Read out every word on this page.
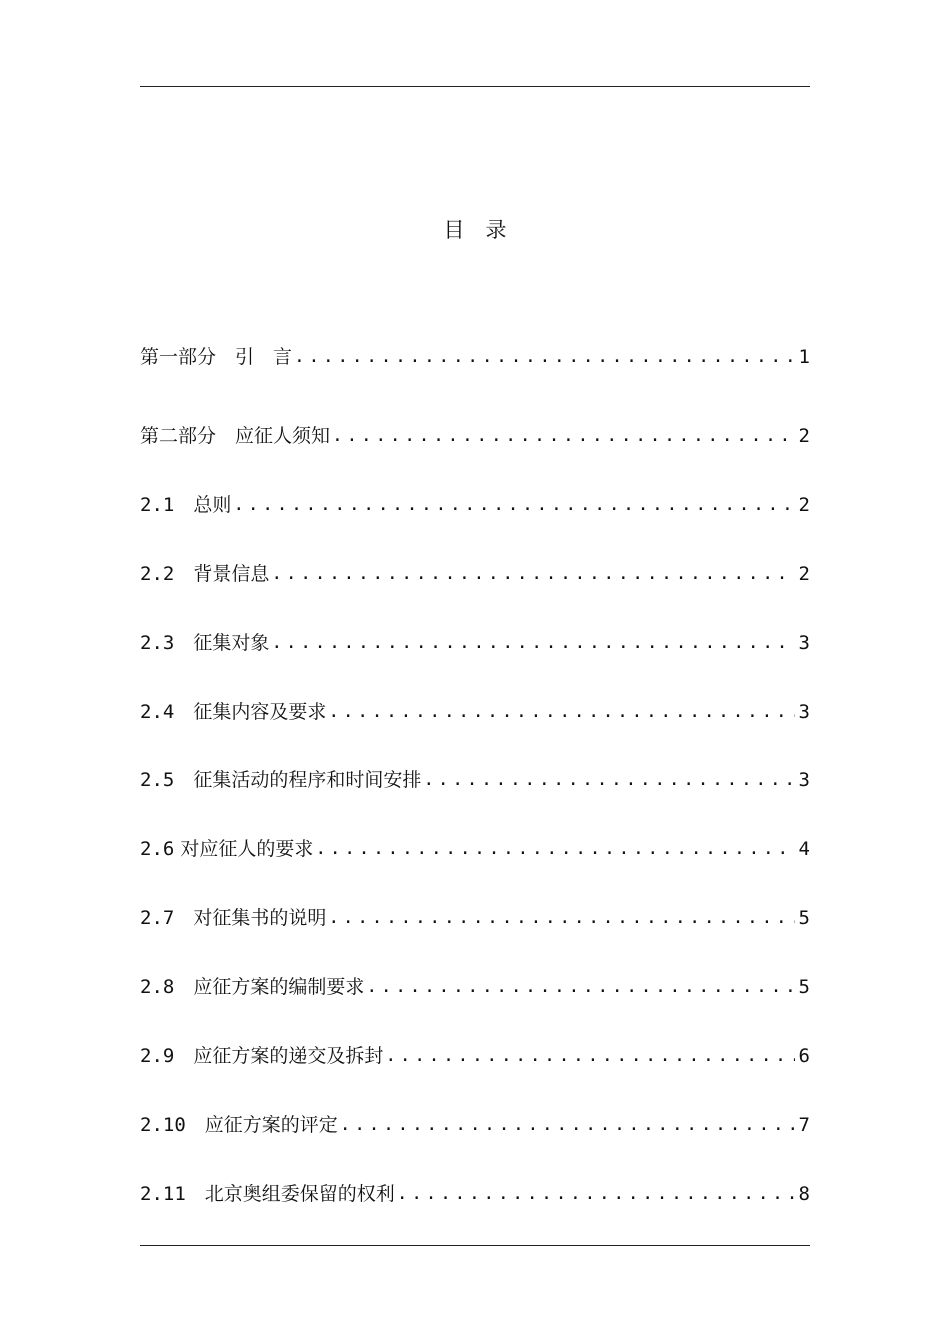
目　录
第一部分　引　言 .....	1
第二部分　应征人须知 .....	2
2.1 　总则 .....	2
2.2 　背景信息 .....	2
2.3 　征集对象 .....	3
2.4 　征集内容及要求 .....	3
2.5 　征集活动的程序和时间安排 .....	3
2.6 对应征人的要求 .....	4
2.7 　对征集书的说明 .....	5
2.8 　应征方案的编制要求 .....	5
2.9 　应征方案的递交及拆封 .....	6
2.10 　应征方案的评定 .....	7
2.11 　北京奥组委保留的权利 .....	8
